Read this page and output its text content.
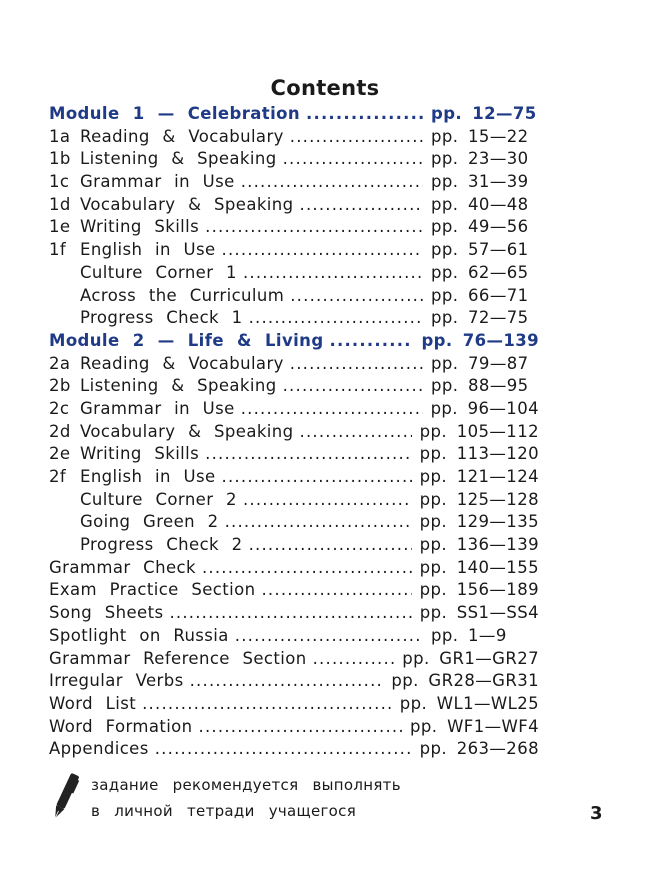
Contents
Module 1 — Celebration .....	pp. 12—75
1a Reading & Vocabulary .....	pp. 15—22
1b Listening & Speaking .....	pp. 23—30
1c Grammar in Use .....	pp. 31—39
1d Vocabulary & Speaking .....	pp. 40—48
1e Writing Skills .....	pp. 49—56
1f English in Use .....	pp. 57—61
Culture Corner 1 .....	pp. 62—65
Across the Curriculum .....	pp. 66—71
Progress Check 1 .....	pp. 72—75
Module 2 — Life & Living .....	pp. 76—139
2a Reading & Vocabulary .....	pp. 79—87
2b Listening & Speaking .....	pp. 88—95
2c Grammar in Use .....	pp. 96—104
2d Vocabulary & Speaking .....	pp. 105—112
2e Writing Skills .....	pp. 113—120
2f English in Use .....	pp. 121—124
Culture Corner 2 .....	pp. 125—128
Going Green 2 .....	pp. 129—135
Progress Check 2 .....	pp. 136—139
Grammar Check .....	pp. 140—155
Exam Practice Section .....	pp. 156—189
Song Sheets .....	pp. SS1—SS4
Spotlight on Russia .....	pp. 1—9
Grammar Reference Section .....	pp. GR1—GR27
Irregular Verbs .....	pp. GR28—GR31
Word List .....	pp. WL1—WL25
Word Formation .....	pp. WF1—WF4
Appendices .....	pp. 263—268
задание рекомендуется выполнять
в личной тетради учащегося	3
